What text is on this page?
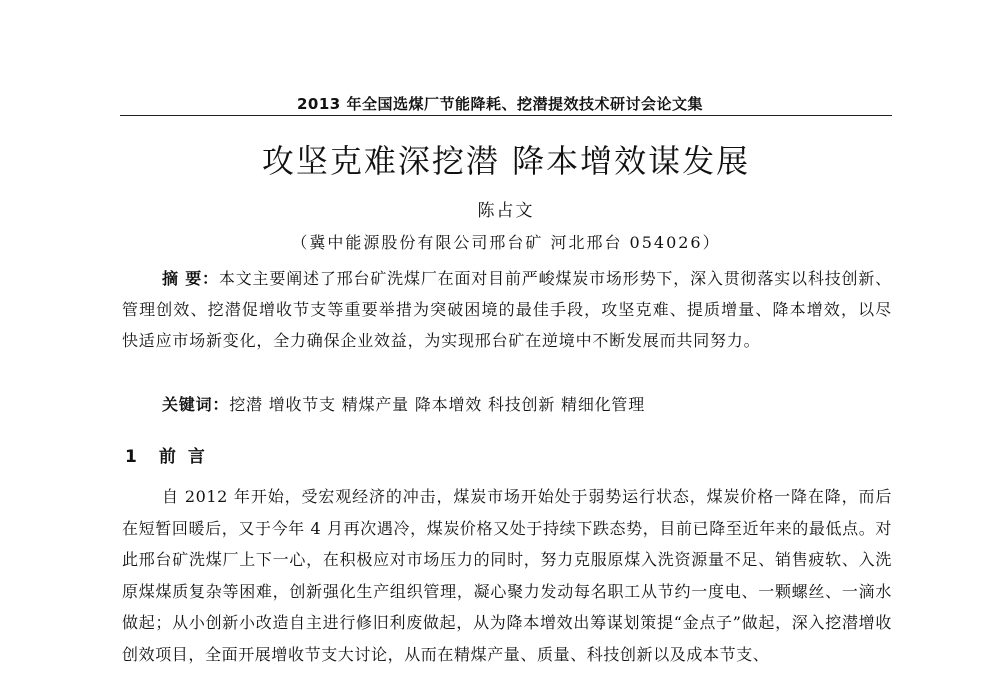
2013 年全国选煤厂节能降耗、挖潜提效技术研讨会论文集
攻坚克难深挖潜 降本增效谋发展
陈占文
（冀中能源股份有限公司邢台矿 河北邢台 054026）
摘 要：本文主要阐述了邢台矿洗煤厂在面对目前严峻煤炭市场形势下，深入贯彻落实以科技创新、管理创效、挖潜促增收节支等重要举措为突破困境的最佳手段，攻坚克难、提质增量、降本增效，以尽快适应市场新变化，全力确保企业效益，为实现邢台矿在逆境中不断发展而共同努力。
关键词：挖潜 增收节支 精煤产量 降本增效 科技创新 精细化管理
1 前言
自 2012 年开始，受宏观经济的冲击，煤炭市场开始处于弱势运行状态，煤炭价格一降在降，而后在短暂回暖后，又于今年 4 月再次遇冷，煤炭价格又处于持续下跌态势，目前已降至近年来的最低点。对此邢台矿洗煤厂上下一心，在积极应对市场压力的同时，努力克服原煤入洗资源量不足、销售疲软、入洗原煤煤质复杂等困难，创新强化生产组织管理，凝心聚力发动每名职工从节约一度电、一颗螺丝、一滴水做起；从小创新小改造自主进行修旧利废做起，从为降本增效出筹谋划策提“金点子”做起，深入挖潜增收创效项目，全面开展增收节支大讨论，从而在精煤产量、质量、科技创新以及成本节支、
